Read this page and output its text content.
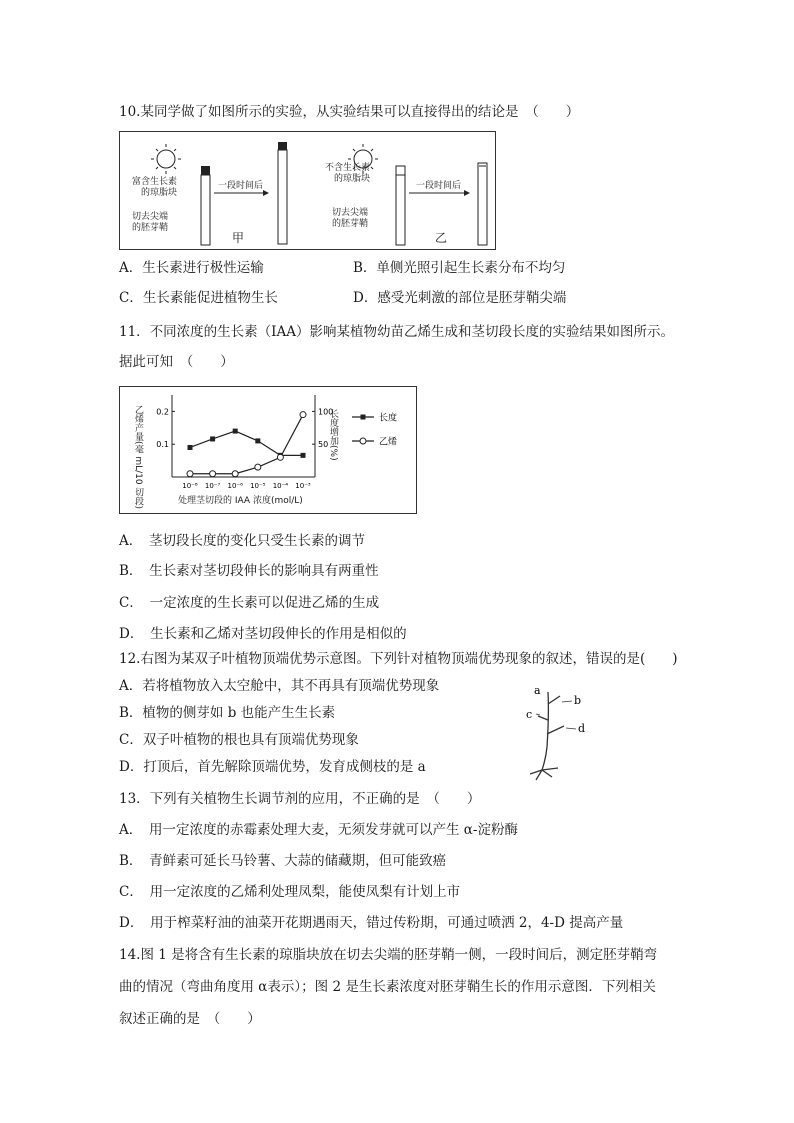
10.某同学做了如图所示的实验，从实验结果可以直接得出的结论是　（　　）
富含生长素
的琼脂块
切去尖端
的胚芽鞘
一段时间后
甲
不含生长素
的琼脂块
切去尖端
的胚芽鞘
一段时间后
乙
A．生长素进行极性运输	B．单侧光照引起生长素分布不均匀
C．生长素能促进植物生长	D．感受光刺激的部位是胚芽鞘尖端
11．不同浓度的生长素（IAA）影响某植物幼苗乙烯生成和茎切段长度的实验结果如图所示。
据此可知　（　　）
10⁻⁸ 10⁻⁷ 10⁻⁶ 10⁻⁵ 10⁻⁴ 10⁻³
0.1
0.2
50
100
长度
乙烯
处理茎切段的 IAA 浓度(mol/L)
乙烯产量(毫 mL/10 切段)	长度增加(%)
A．　茎切段长度的变化只受生长素的调节
B．　生长素对茎切段伸长的影响具有两重性
C．　一定浓度的生长素可以促进乙烯的生成
D．　生长素和乙烯对茎切段伸长的作用是相似的
12.右图为某双子叶植物顶端优势示意图。下列针对植物顶端优势现象的叙述，错误的是(　　)
A．若将植物放入太空舱中，其不再具有顶端优势现象
B．植物的侧芽如 b 也能产生生长素
C．双子叶植物的根也具有顶端优势现象
D．打顶后，首先解除顶端优势，发育成侧枝的是 a
a
b
c
d
13．下列有关植物生长调节剂的应用，不正确的是　（　　）
A．　用一定浓度的赤霉素处理大麦，无须发芽就可以产生 α-淀粉酶
B．　青鲜素可延长马铃薯、大蒜的储藏期，但可能致癌
C．　用一定浓度的乙烯利处理凤梨，能使凤梨有计划上市
D．　用于榨菜籽油的油菜开花期遇雨天，错过传粉期，可通过喷洒 2，4-D 提高产量
14.图 1 是将含有生长素的琼脂块放在切去尖端的胚芽鞘一侧，一段时间后，测定胚芽鞘弯
曲的情况（弯曲角度用 α表示）；图 2 是生长素浓度对胚芽鞘生长的作用示意图．下列相关
叙述正确的是　（　　）
